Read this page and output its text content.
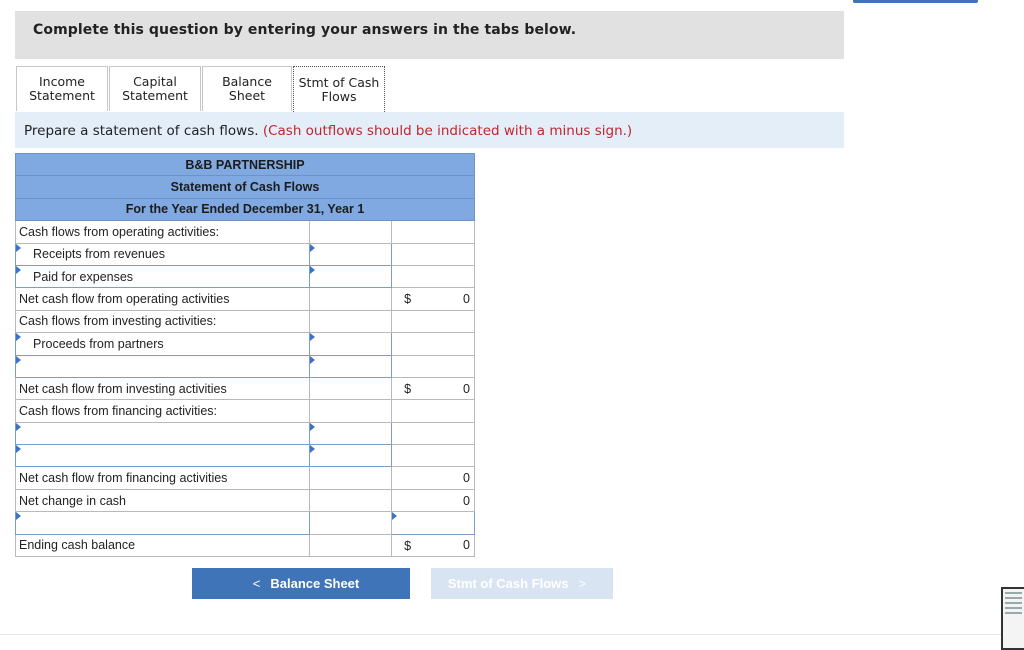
Complete this question by entering your answers in the tabs below.
Income
Statement
Capital
Statement
Balance Sheet
Stmt of Cash
Flows
Prepare a statement of cash flows. (Cash outflows should be indicated with a minus sign.)
B&B PARTNERSHIP		
Statement of Cash Flows		
For the Year Ended December 31, Year 1		
Cash flows from operating activities:		
Receipts from revenues		
Paid for expenses		
Net cash flow from operating activities		$ 0
Cash flows from investing activities:		
Proceeds from partners		

Net cash flow from investing activities		$ 0
Cash flows from financing activities:		

Net cash flow from financing activities		0
Net change in cash		0

Ending cash balance		$ 0
< Balance Sheet	Stmt of Cash Flows >
